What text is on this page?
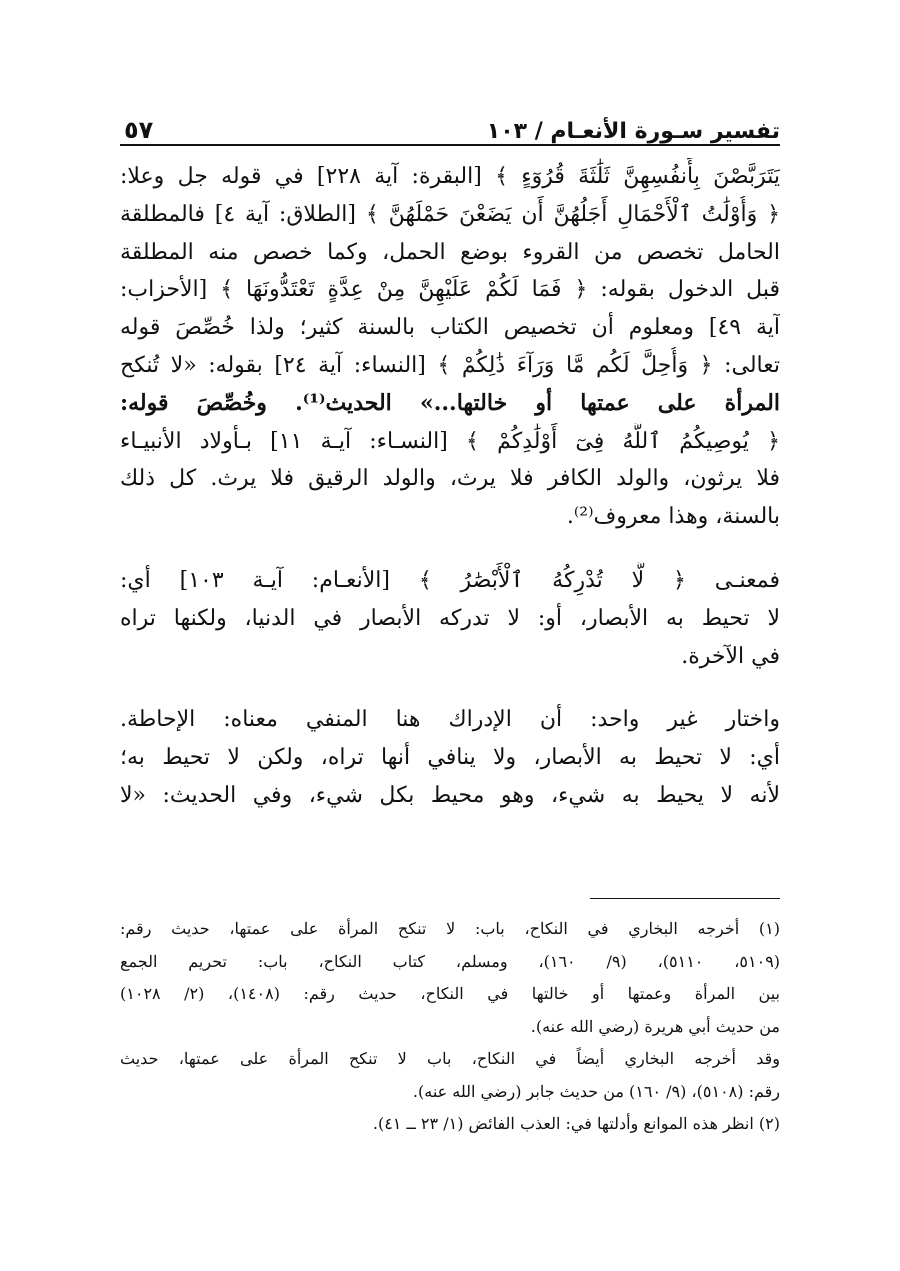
تفسير سـورة الأنعـام / ١٠٣
٥٧

يَتَرَبَّصْنَ بِأَنفُسِهِنَّ ثَلَٰثَةَ قُرُوٓءٍ ﴾ [البقرة: آية ٢٢٨] في قوله جل وعلا:
﴿ وَأُوْلَٰتُ ٱلْأَحْمَالِ أَجَلُهُنَّ أَن يَضَعْنَ حَمْلَهُنَّ ﴾ [الطلاق: آية ٤] فالمطلقة
الحامل تخصص من القروء بوضع الحمل، وكما خصص منه المطلقة
قبل الدخول بقوله: ﴿ فَمَا لَكُمْ عَلَيْهِنَّ مِنْ عِدَّةٍ تَعْتَدُّونَهَا ﴾ [الأحزاب:
آية ٤٩] ومعلوم أن تخصيص الكتاب بالسنة كثير؛ ولذا خُصِّصَ قوله
تعالى: ﴿ وَأُحِلَّ لَكُم مَّا وَرَآءَ ذَٰلِكُمْ ﴾ [النساء: آية ٢٤] بقوله: «لا تُنكح
المرأة على عمتها أو خالتها...» الحديث⁽¹⁾. وخُصِّصَ قوله:
﴿ يُوصِيكُمُ ٱللَّهُ فِىٓ أَوْلَٰدِكُمْ ﴾ [النسـاء: آيـة ١١] بـأولاد الأنبيـاء
فلا يرثون، والولد الكافر فلا يرث، والولد الرقيق فلا يرث. كل ذلك
بالسنة، وهذا معروف⁽²⁾.

فمعنـى ﴿ لَّا تُدْرِكُهُ ٱلْأَبْصَٰرُ ﴾ [الأنعـام: آيـة ١٠٣] أي:
لا تحيط به الأبصار، أو: لا تدركه الأبصار في الدنيا، ولكنها تراه
في الآخرة.

واختار غير واحد: أن الإدراك هنا المنفي معناه: الإحاطة.
أي: لا تحيط به الأبصار، ولا ينافي أنها تراه، ولكن لا تحيط به؛
لأنه لا يحيط به شيء، وهو محيط بكل شيء، وفي الحديث: «لا

(١) أخرجه البخاري في النكاح، باب: لا تنكح المرأة على عمتها، حديث رقم:
(٥١٠٩، ٥١١٠)، (٩/ ١٦٠)، ومسلم، كتاب النكاح، باب: تحريم الجمع
بين المرأة وعمتها أو خالتها في النكاح، حديث رقم: (١٤٠٨)، (٢/ ١٠٢٨)
من حديث أبي هريرة (رضي الله عنه).
وقد أخرجه البخاري أيضاً في النكاح، باب لا تنكح المرأة على عمتها، حديث
رقم: (٥١٠٨)، (٩/ ١٦٠) من حديث جابر (رضي الله عنه).
(٢) انظر هذه الموانع وأدلتها في: العذب الفائض (١/ ٢٣ ــ ٤١).
